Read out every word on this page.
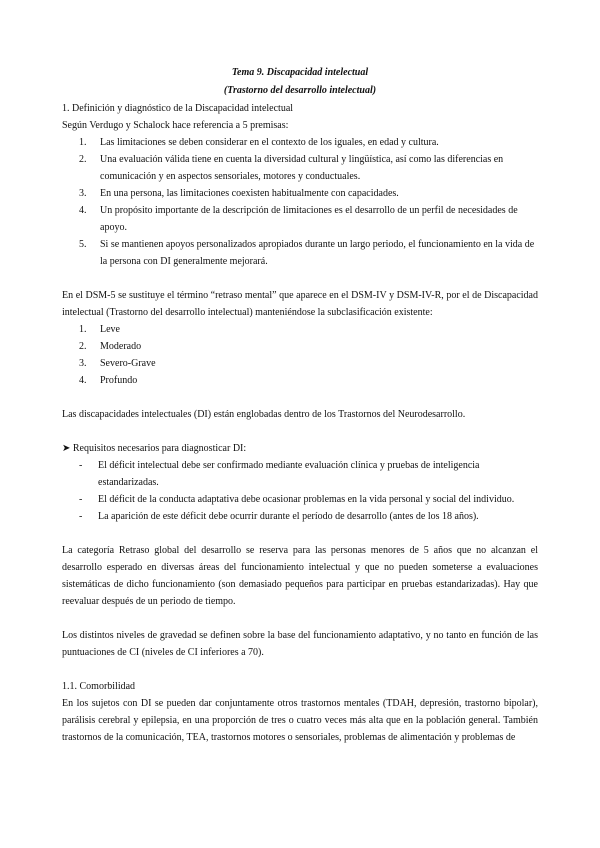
Tema 9. Discapacidad intelectual
(Trastorno del desarrollo intelectual)

1. Definición y diagnóstico de la Discapacidad intelectual

Según Verdugo y Schalock hace referencia a 5 premisas:

1. Las limitaciones se deben considerar en el contexto de los iguales, en edad y cultura.
2. Una evaluación válida tiene en cuenta la diversidad cultural y lingüística, así como las diferencias en comunicación y en aspectos sensoriales, motores y conductuales.
3. En una persona, las limitaciones coexisten habitualmente con capacidades.
4. Un propósito importante de la descripción de limitaciones es el desarrollo de un perfil de necesidades de apoyo.
5. Si se mantienen apoyos personalizados apropiados durante un largo periodo, el funcionamiento en la vida de la persona con DI generalmente mejorará.

En el DSM-5 se sustituye el término “retraso mental” que aparece en el DSM-IV y DSM-IV-R, por el de Discapacidad intelectual (Trastorno del desarrollo intelectual) manteniéndose la subclasificación existente:

1. Leve
2. Moderado
3. Severo-Grave
4. Profundo

Las discapacidades intelectuales (DI) están englobadas dentro de los Trastornos del Neurodesarrollo.

➤ Requisitos necesarios para diagnosticar DI:

- El déficit intelectual debe ser confirmado mediante evaluación clínica y pruebas de inteligencia estandarizadas.
- El déficit de la conducta adaptativa debe ocasionar problemas en la vida personal y social del individuo.
- La aparición de este déficit debe ocurrir durante el período de desarrollo (antes de los 18 años).

La categoría Retraso global del desarrollo se reserva para las personas menores de 5 años que no alcanzan el desarrollo esperado en diversas áreas del funcionamiento intelectual y que no pueden someterse a evaluaciones sistemáticas de dicho funcionamiento (son demasiado pequeños para participar en pruebas estandarizadas). Hay que reevaluar después de un periodo de tiempo.

Los distintos niveles de gravedad se definen sobre la base del funcionamiento adaptativo, y no tanto en función de las puntuaciones de CI (niveles de CI inferiores a 70).

1.1. Comorbilidad

En los sujetos con DI se pueden dar conjuntamente otros trastornos mentales (TDAH, depresión, trastorno bipolar), parálisis cerebral y epilepsia, en una proporción de tres o cuatro veces más alta que en la población general. También trastornos de la comunicación, TEA, trastornos motores o sensoriales, problemas de alimentación y problemas de
